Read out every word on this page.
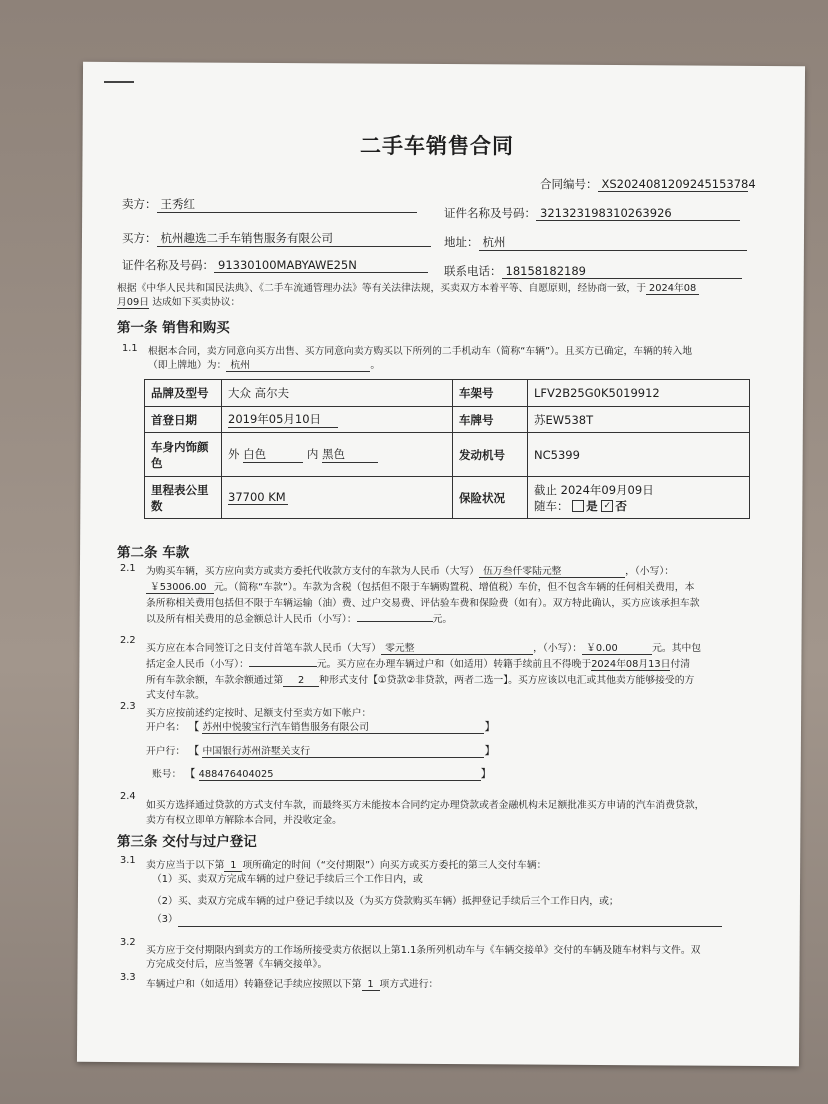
二手车销售合同
合同编号： XS2024081209245153784
卖方： 王秀红
证件名称及号码： 321323198310263926
买方： 杭州趣选二手车销售服务有限公司	地址： 杭州
证件名称及号码： 91330100MABYAWE25N	联系电话： 18158182189
根据《中华人民共和国民法典》、《二手车流通管理办法》等有关法律法规，买卖双方本着平等、自愿原则，经协商一致，于 2024年08
月09日 达成如下买卖协议：
第一条 销售和购买
1.1 根据本合同，卖方同意向买方出售、买方同意向卖方购买以下所列的二手机动车（简称“车辆”）。且买方已确定，车辆的转入地
（即上牌地）为： 杭州	。
品牌及型号	大众 高尔夫	车架号	LFV2B25G0K5019912
首登日期	2019年05月10日	车牌号	苏EW538T
车身内饰颜色	外 白色 内 黑色	发动机号	NC5399
里程表公里数	37700 KM	保险状况	截止 2024年09月09日
随车： 是 ✓ 否
第二条 车款
2.1 为购买车辆，买方应向卖方或卖方委托代收款方支付的车款为人民币（大写） 伍万叁仟零陆元整	，（小写）：
￥53006.00 元。（简称“车款”）。车款为含税（包括但不限于车辆购置税、增值税）车价，但不包含车辆的任何相关费用，本
条所称相关费用包括但不限于车辆运输（油）费、过户交易费、评估验车费和保险费（如有）。双方特此确认，买方应该承担车款
以及所有相关费用的总金额总计人民币（小写）：	元。
2.2
买方应在本合同签订之日支付首笔车款人民币（大写） 零元整	，（小写）： ￥0.00	元。其中包
括定金人民币（小写）：	元。买方应在办理车辆过户和（如适用）转籍手续前且不得晚于2024年08月13日付清
所有车款余额，车款余额通过第 2 种形式支付【①贷款②非贷款，两者二选一】。买方应该以电汇或其他卖方能够接受的方
式支付车款。
2.3
买方应按前述约定按时、足额支付至卖方如下帐户：
开户名： 【 苏州中悦骏宝行汽车销售服务有限公司	】
开户行： 【 中国银行苏州浒墅关支行	】
账号： 【 488476404025	】
2.4
如买方选择通过贷款的方式支付车款，而最终买方未能按本合同约定办理贷款或者金融机构未足额批准买方申请的汽车消费贷款，
卖方有权立即单方解除本合同，并没收定金。
第三条 交付与过户登记
3.1 卖方应当于以下第 1 项所确定的时间（“交付期限”）向买方或买方委托的第三人交付车辆：
（1）买、卖双方完成车辆的过户登记手续后三个工作日内，或
（2）买、卖双方完成车辆的过户登记手续以及（为买方贷款购买车辆）抵押登记手续后三个工作日内，或；
（3）
3.2
买方应于交付期限内到卖方的工作场所接受卖方依据以上第1.1条所列机动车与《车辆交接单》交付的车辆及随车材料与文件。双
方完成交付后，应当签署《车辆交接单》。
3.3
车辆过户和（如适用）转籍登记手续应按照以下第 1 项方式进行：
